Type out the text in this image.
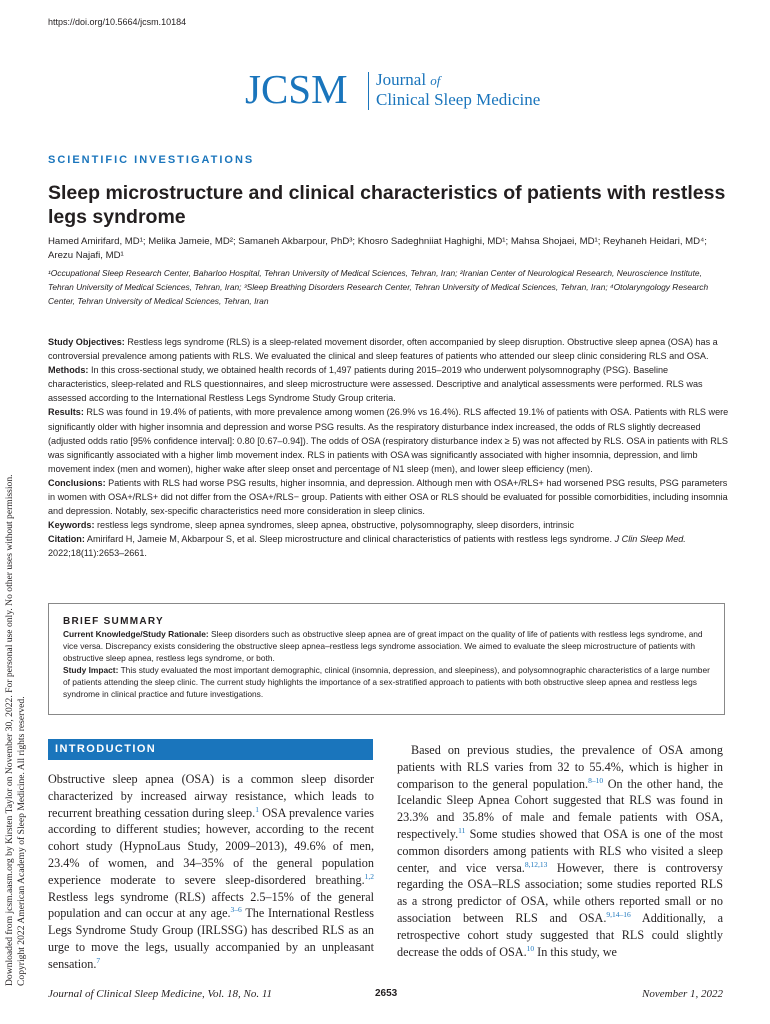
https://doi.org/10.5664/jcsm.10184
JCSM Journal of
Clinical Sleep Medicine
SCIENTIFIC INVESTIGATIONS
Sleep microstructure and clinical characteristics of patients with restless legs syndrome
Hamed Amirifard, MD¹; Melika Jameie, MD²; Samaneh Akbarpour, PhD³; Khosro Sadeghniiat Haghighi, MD¹; Mahsa Shojaei, MD¹; Reyhaneh Heidari, MD⁴; Arezu Najafi, MD¹
¹Occupational Sleep Research Center, Baharloo Hospital, Tehran University of Medical Sciences, Tehran, Iran; ²Iranian Center of Neurological Research, Neuroscience Institute, Tehran University of Medical Sciences, Tehran, Iran; ³Sleep Breathing Disorders Research Center, Tehran University of Medical Sciences, Tehran, Iran; ⁴Otolaryngology Research Center, Tehran University of Medical Sciences, Tehran, Iran

Study Objectives: Restless legs syndrome (RLS) is a sleep-related movement disorder, often accompanied by sleep disruption. Obstructive sleep apnea (OSA) has a controversial prevalence among patients with RLS. We evaluated the clinical and sleep features of patients who attended our sleep clinic considering RLS and OSA.

Methods: In this cross-sectional study, we obtained health records of 1,497 patients during 2015–2019 who underwent polysomnography (PSG). Baseline characteristics, sleep-related and RLS questionnaires, and sleep microstructure were assessed. Descriptive and analytical assessments were performed. RLS was assessed according to the International Restless Legs Syndrome Study Group criteria.

Results: RLS was found in 19.4% of patients, with more prevalence among women (26.9% vs 16.4%). RLS affected 19.1% of patients with OSA. Patients with RLS were significantly older with higher insomnia and depression and worse PSG results. As the respiratory disturbance index increased, the odds of RLS slightly decreased (adjusted odds ratio [95% confidence interval]: 0.80 [0.67–0.94]). The odds of OSA (respiratory disturbance index ≥ 5) was not affected by RLS. OSA in patients with RLS was significantly associated with a higher limb movement index. RLS in patients with OSA was significantly associated with higher insomnia, depression, and limb movement index (men and women), higher wake after sleep onset and percentage of N1 sleep (men), and lower sleep efficiency (men).

Conclusions: Patients with RLS had worse PSG results, higher insomnia, and depression. Although men with OSA+/RLS+ had worsened PSG results, PSG parameters in women with OSA+/RLS+ did not differ from the OSA+/RLS− group. Patients with either OSA or RLS should be evaluated for possible comorbidities, including insomnia and depression. Notably, sex-specific characteristics need more consideration in sleep clinics.

Keywords: restless legs syndrome, sleep apnea syndromes, sleep apnea, obstructive, polysomnography, sleep disorders, intrinsic

Citation: Amirifard H, Jameie M, Akbarpour S, et al. Sleep microstructure and clinical characteristics of patients with restless legs syndrome. J Clin Sleep Med. 2022;18(11):2653–2661.

BRIEF SUMMARY

Current Knowledge/Study Rationale: Sleep disorders such as obstructive sleep apnea are of great impact on the quality of life of patients with restless legs syndrome, and vice versa. Discrepancy exists considering the obstructive sleep apnea–restless legs syndrome association. We aimed to evaluate the sleep microstructure of patients with obstructive sleep apnea, restless legs syndrome, or both.

Study Impact: This study evaluated the most important demographic, clinical (insomnia, depression, and sleepiness), and polysomnographic characteristics of a large number of patients attending the sleep clinic. The current study highlights the importance of a sex-stratified approach to patients with both obstructive sleep apnea and restless legs syndrome in clinical practice and future investigations.

INTRODUCTION

Obstructive sleep apnea (OSA) is a common sleep disorder characterized by increased airway resistance, which leads to recurrent breathing cessation during sleep.$^1$ OSA prevalence varies according to different studies; however, according to the recent cohort study (HypnoLaus Study, 2009–2013), 49.6% of men, 23.4% of women, and 34–35% of the general population experience moderate to severe sleep-disordered breathing.$^{1,2}$ Restless legs syndrome (RLS) affects 2.5–15% of the general population and can occur at any age.$^{3-6}$ The International Restless Legs Syndrome Study Group (IRLSSG) has described RLS as an urge to move the legs, usually accompanied by an unpleasant sensation.$^7$

Based on previous studies, the prevalence of OSA among patients with RLS varies from 32 to 55.4%, which is higher in comparison to the general population.$^{8-10}$ On the other hand, the Icelandic Sleep Apnea Cohort suggested that RLS was found in 23.3% and 35.8% of male and female patients with OSA, respectively.$^{11}$ Some studies showed that OSA is one of the most common disorders among patients with RLS who visited a sleep center, and vice versa.$^{8,12,13}$ However, there is controversy regarding the OSA–RLS association; some studies reported RLS as a strong predictor of OSA, while others reported small or no association between RLS and OSA.$^{9,14-16}$ Additionally, a retrospective cohort study suggested that RLS could slightly decrease the odds of OSA.$^{10}$ In this study, we

Downloaded from jcsm.aasm.org by Kirsten Taylor on November 30, 2022. For personal use only. No other uses without permission. Copyright 2022 American Academy of Sleep Medicine. All rights reserved.
Journal of Clinical Sleep Medicine, Vol. 18, No. 11	2653	November 1, 2022
